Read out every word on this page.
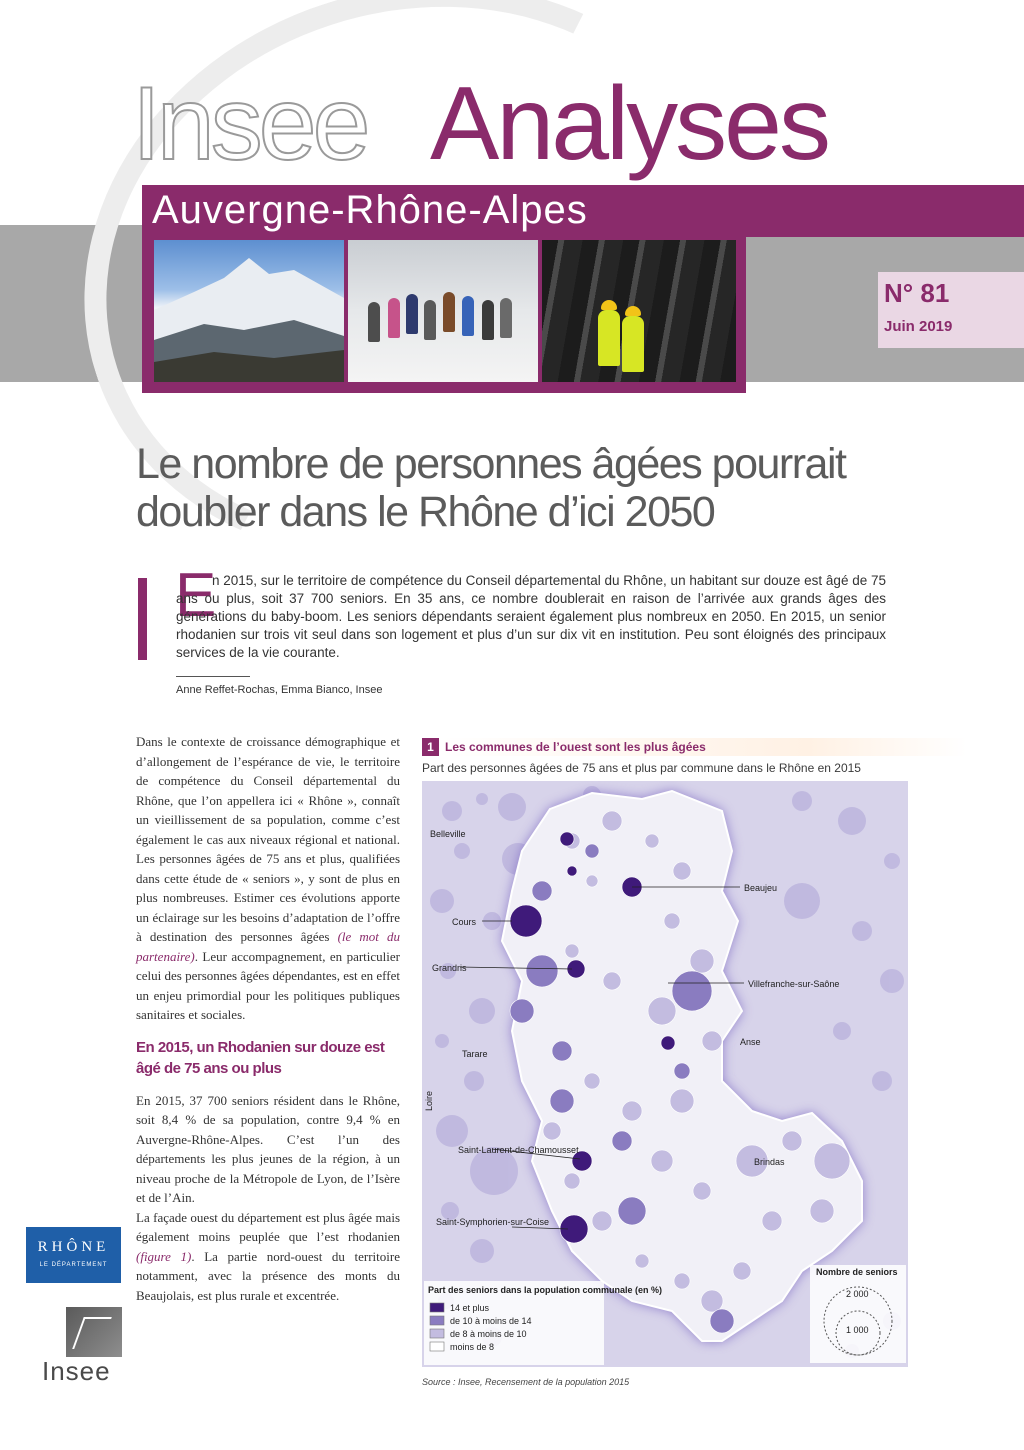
Insee Analyses
Auvergne-Rhône-Alpes
N° 81
Juin 2019
Le nombre de personnes âgées pourrait
doubler dans le Rhône d’ici 2050
E
n 2015, sur le territoire de compétence du Conseil départemental du Rhône, un habitant sur douze est âgé de 75 ans ou plus, soit 37 700 seniors. En 35 ans, ce nombre doublerait en raison de l’arrivée aux grands âges des générations du baby-boom. Les seniors dépendants seraient également plus nombreux en 2050. En 2015, un senior rhodanien sur trois vit seul dans son logement et plus d’un sur dix vit en institution. Peu sont éloignés des principaux services de la vie courante.
Anne Reffet-Rochas, Emma Bianco, Insee

Dans le contexte de croissance démographique et d’allongement de l’espérance de vie, le territoire de compétence du Conseil départemental du Rhône, que l’on appellera ici « Rhône », connaît un vieillissement de sa population, comme c’est également le cas aux niveaux régional et national. Les personnes âgées de 75 ans et plus, qualifiées dans cette étude de « seniors », y sont de plus en plus nombreuses. Estimer ces évolutions apporte un éclairage sur les besoins d’adaptation de l’offre à destination des personnes âgées (le mot du partenaire). Leur accompagnement, en particulier celui des personnes âgées dépendantes, est en effet un enjeu primordial pour les politiques publiques sanitaires et sociales.

En 2015, un Rhodanien sur douze est âgé de 75 ans ou plus

En 2015, 37 700 seniors résident dans le Rhône, soit 8,4 % de sa population, contre 9,4 % en Auvergne-Rhône-Alpes. C’est l’un des départements les plus jeunes de la région, à un niveau proche de la Métropole de Lyon, de l’Isère et de l’Ain.

La façade ouest du département est plus âgée mais également moins peuplée que l’est rhodanien (figure 1). La partie nord-ouest du territoire notamment, avec la présence des monts du Beaujolais, est plus rurale et excentrée.

RHÔNE
LE DÉPARTEMENT
Insee
1 Les communes de l’ouest sont les plus âgées
Part des personnes âgées de 75 ans et plus par commune dans le Rhône en 2015
Belleville
Beaujeu
Cours
Grandris
Villefranche-sur-Saône
Tarare
Anse
Saint-Laurent-de-Chamousset
Brindas
Saint-Symphorien-sur-Coise
Loire
Part des seniors dans la population communale (en %)
14 et plus
de 10 à moins de 14
de 8 à moins de 10
moins de 8
Nombre de seniors
2 000
1 000
Source : Insee, Recensement de la population 2015
